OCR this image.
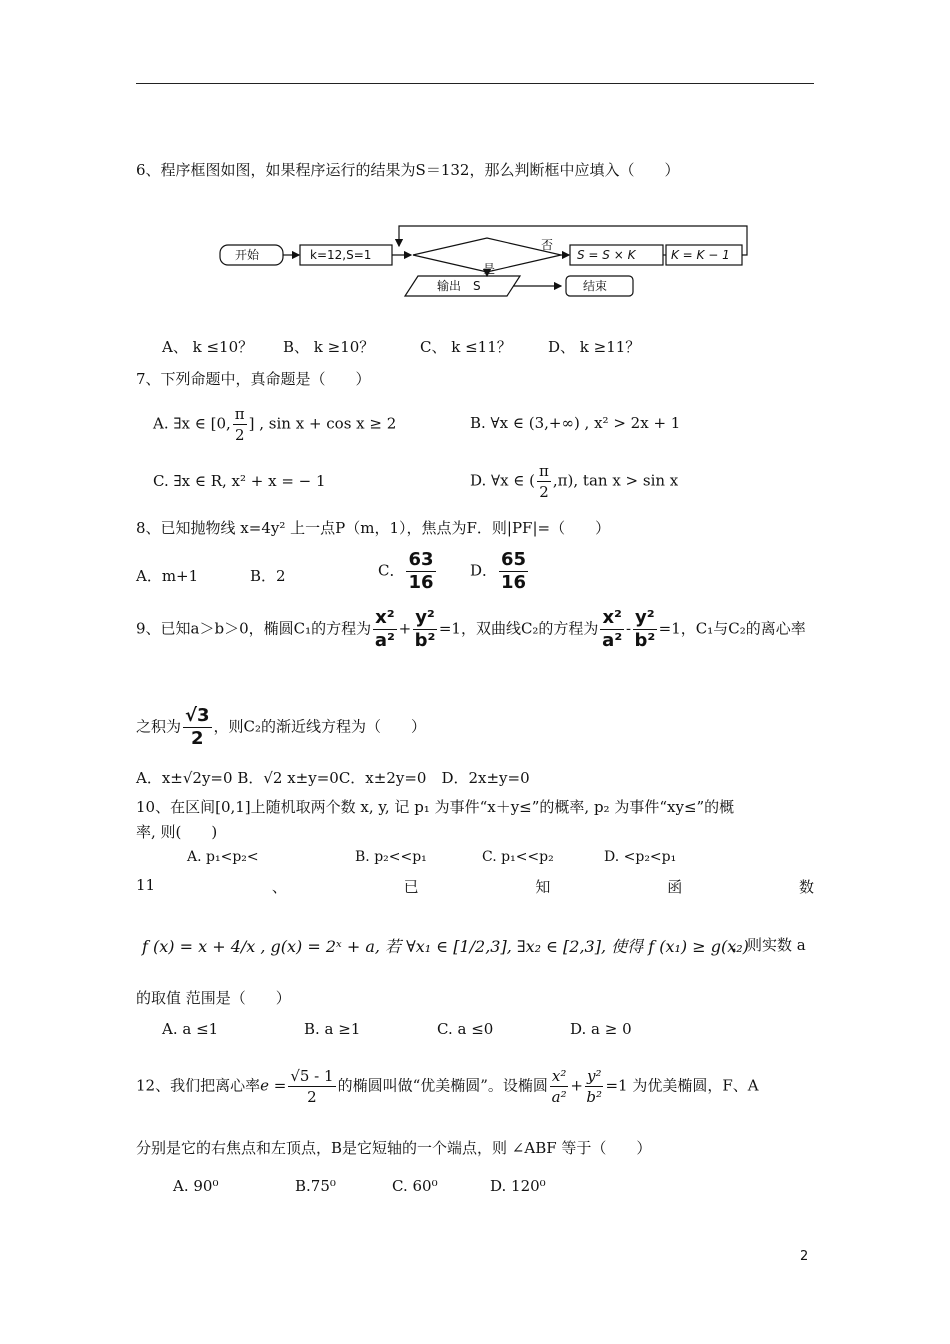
6、程序框图如图，如果程序运行的结果为S＝132，那么判断框中应填入（　　）
开始	k=12,S=1
否
S = S × K	K = K − 1
是
输出　S	结束
A、 k ≤10？ B、 k ≥10？	C、 k ≤11？ D、 k ≥11？
7、下列命题中，真命题是（　　）
A. ∃x ∈ [0, $\frac{\pi}{2}$ ] , sin x + cos x ≥ 2	B. ∀x ∈ (3,+∞) , x² > 2x + 1
C. ∃x ∈ R, x² + x = − 1	D. ∀x ∈ ( $\frac{\pi}{2} ,\pi$), tan x > sin x
8、已知抛物线 x=4y² 上一点P（m，1），焦点为F．则|PF|=（　　）
A．m+1	B．2	C． $\frac{63}{16}$ D． $\frac{65}{16}$
9、已知a＞b＞0，椭圆C₁的方程为 $\frac{\text{x²}}{\text{a²}} + \frac{\text{y²}}{\text{b²}} =1$，双曲线C₂的方程为 $\frac{\text{x²}}{\text{a²}} - \frac{\text{y²}}{\text{b²}} =1$，C₁与C₂的离心率
之积为 $\frac{√3}{2}$ ，则C₂的渐近线方程为（　　）
A．x±√2y=0 B．√2 x±y=0C．x±2y=0　D．2x±y=0
10、在区间[0,1]上随机取两个数 x, y, 记 p₁ 为事件“x＋y≤”的概率, p₂ 为事件“xy≤”的概
率, 则(　　)
A. p₁<p₂<	B. p₂<<p₁	C. p₁<<p₂	D. <p₂<p₁
11	、	已	知	函	数
f (x) = x + 4/x , g(x) = 2ˣ + a, 若 ∀x₁ ∈ [1/2,3], ∃x₂ ∈ [2,3], 使得 f (x₁) ≥ g(x₂)
，则实数 a
的取值 范围是（　　）
A. a ≤1	B. a ≥1	C. a ≤0	D. a ≥ 0
12、我们把离心率$e = \frac{√5 - 1}{2}$ 的椭圆叫做“优美椭圆”。设椭圆 $\frac{\text{x²}}{\text{a²}} + \frac{\text{y²}}{\text{b²}} =1$ 为优美椭圆，F、A
分别是它的右焦点和左顶点，B是它短轴的一个端点，则 ∠ABF 等于（　　）
A. 90⁰	B.75⁰	C. 60⁰	D. 120⁰
2
